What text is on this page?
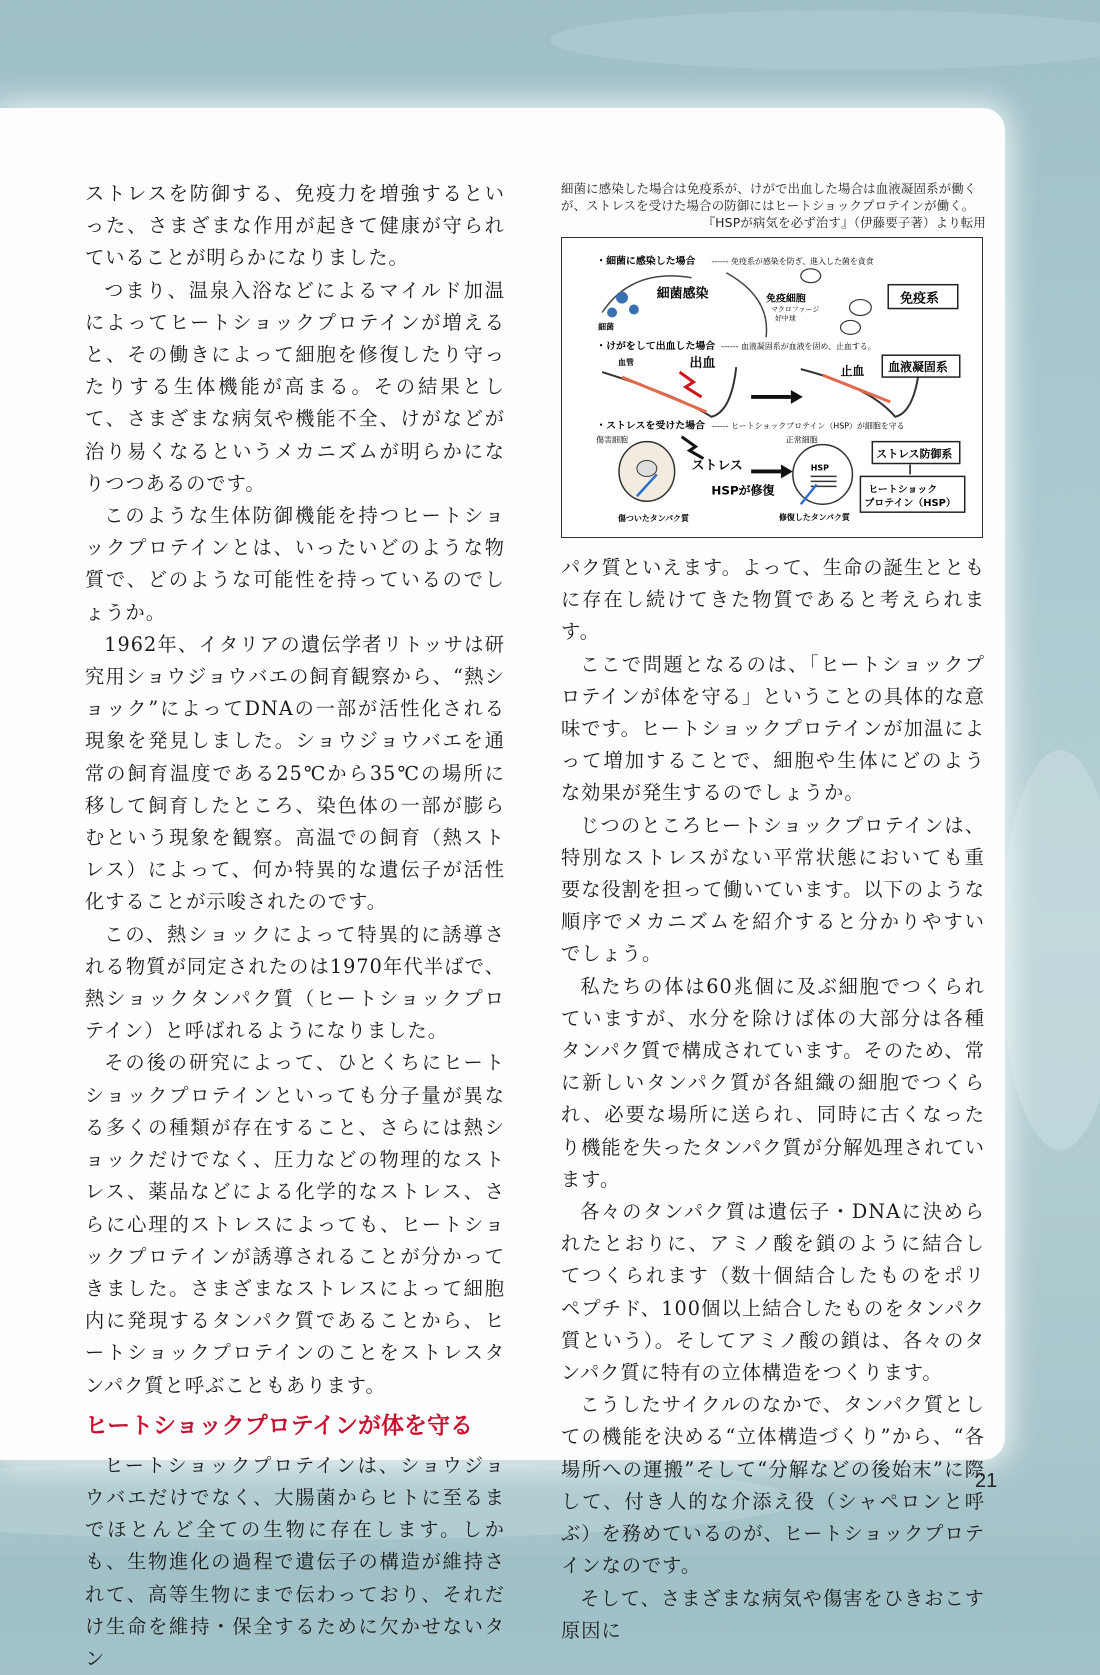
ストレスを防御する、免疫力を増強するといった、さまざまな作用が起きて健康が守られていることが明らかになりました。

つまり、温泉入浴などによるマイルド加温によってヒートショックプロテインが増えると、その働きによって細胞を修復したり守ったりする生体機能が高まる。その結果として、さまざまな病気や機能不全、けがなどが治り易くなるというメカニズムが明らかになりつつあるのです。

このような生体防御機能を持つヒートショックプロテインとは、いったいどのような物質で、どのような可能性を持っているのでしょうか。

1962年、イタリアの遺伝学者リトッサは研究用ショウジョウバエの飼育観察から、“熱ショック”によってDNAの一部が活性化される現象を発見しました。ショウジョウバエを通常の飼育温度である25℃から35℃の場所に移して飼育したところ、染色体の一部が膨らむという現象を観察。高温での飼育（熱ストレス）によって、何か特異的な遺伝子が活性化することが示唆されたのです。

この、熱ショックによって特異的に誘導される物質が同定されたのは1970年代半ばで、熱ショックタンパク質（ヒートショックプロテイン）と呼ばれるようになりました。

その後の研究によって、ひとくちにヒートショックプロテインといっても分子量が異なる多くの種類が存在すること、さらには熱ショックだけでなく、圧力などの物理的なストレス、薬品などによる化学的なストレス、さらに心理的ストレスによっても、ヒートショックプロテインが誘導されることが分かってきました。さまざまなストレスによって細胞内に発現するタンパク質であることから、ヒートショックプロテインのことをストレスタンパク質と呼ぶこともあります。

ヒートショックプロテインが体を守る

ヒートショックプロテインは、ショウジョウバエだけでなく、大腸菌からヒトに至るまでほとんど全ての生物に存在します。しかも、生物進化の過程で遺伝子の構造が維持されて、高等生物にまで伝わっており、それだけ生命を維持・保全するために欠かせないタン

細菌に感染した場合は免疫系が、けがで出血した場合は血液凝固系が働くが、ストレスを受けた場合の防御にはヒートショックプロテインが働く。
『HSPが病気を必ず治す』（伊藤要子著）より転用
・細菌に感染した場合 ------ 免疫系が感染を防ぎ、進入した菌を貪食
細菌
細菌感染	免疫細胞
マクロファージ
好中球
免疫系
・けがをして出血した場合 ------ 血液凝固系が血液を固め、止血する。
血管	出血	止血 血液凝固系
・ストレスを受けた場合 ------ ヒートショックプロテイン（HSP）が細胞を守る
傷害細胞
ストレス
傷ついたタンパク質
HSPが修復
正常細胞
HSP
修復したタンパク質
ストレス防御系
ヒートショック
プロテイン（HSP）

パク質といえます。よって、生命の誕生とともに存在し続けてきた物質であると考えられます。

ここで問題となるのは、「ヒートショックプロテインが体を守る」ということの具体的な意味です。ヒートショックプロテインが加温によって増加することで、細胞や生体にどのような効果が発生するのでしょうか。

じつのところヒートショックプロテインは、特別なストレスがない平常状態においても重要な役割を担って働いています。以下のような順序でメカニズムを紹介すると分かりやすいでしょう。

私たちの体は60兆個に及ぶ細胞でつくられていますが、水分を除けば体の大部分は各種タンパク質で構成されています。そのため、常に新しいタンパク質が各組織の細胞でつくられ、必要な場所に送られ、同時に古くなったり機能を失ったタンパク質が分解処理されています。

各々のタンパク質は遺伝子・DNAに決められたとおりに、アミノ酸を鎖のように結合してつくられます（数十個結合したものをポリペプチド、100個以上結合したものをタンパク質という）。そしてアミノ酸の鎖は、各々のタンパク質に特有の立体構造をつくります。

こうしたサイクルのなかで、タンパク質としての機能を決める“立体構造づくり”から、“各場所への運搬”そして“分解などの後始末”に際して、付き人的な介添え役（シャペロンと呼ぶ）を務めているのが、ヒートショックプロテインなのです。

そして、さまざまな病気や傷害をひきおこす原因に

21
